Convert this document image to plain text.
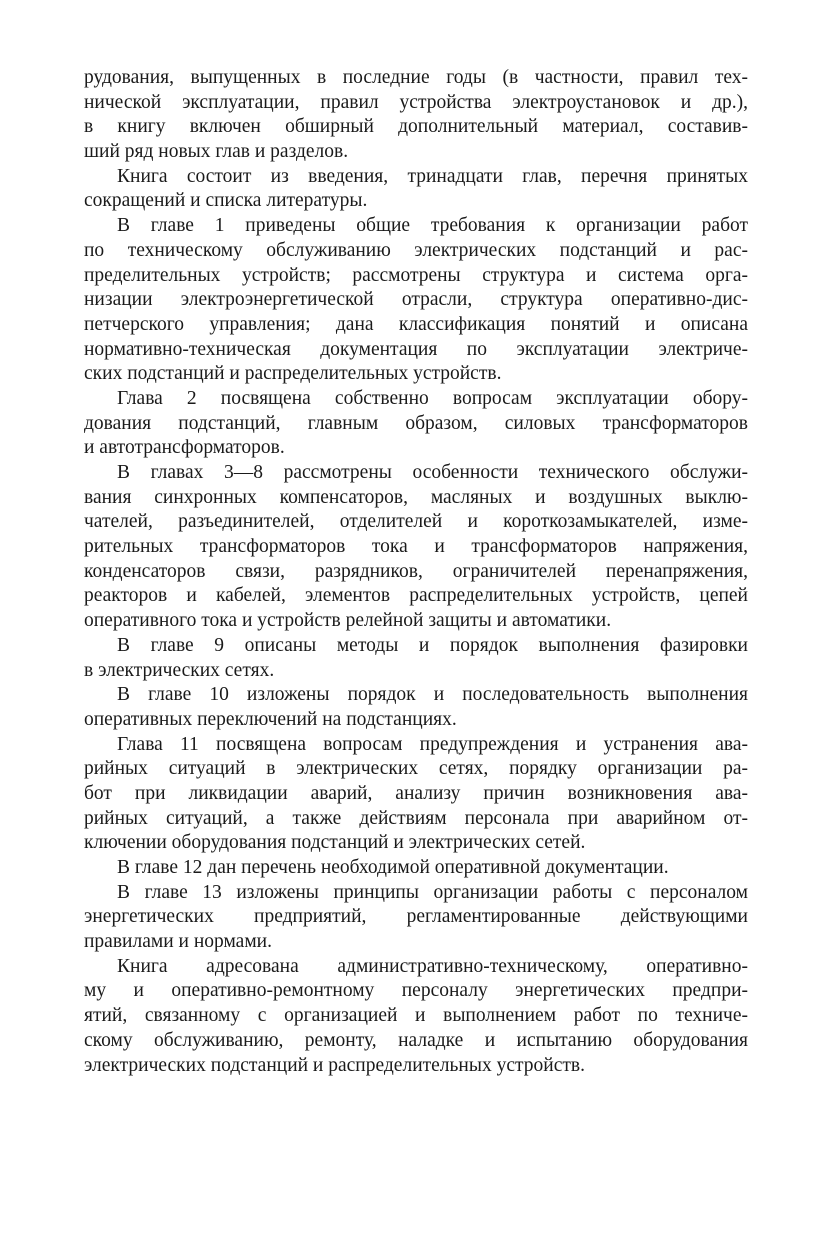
рудования, выпущенных в последние годы (в частности, правил тех-
нической эксплуатации, правил устройства электроустановок и др.),
в книгу включен обширный дополнительный материал, составив-
ший ряд новых глав и разделов.
Книга состоит из введения, тринадцати глав, перечня принятых
сокращений и списка литературы.
В главе 1 приведены общие требования к организации работ
по техническому обслуживанию электрических подстанций и рас-
пределительных устройств; рассмотрены структура и система орга-
низации электроэнергетической отрасли, структура оперативно-дис-
петчерского управления; дана классификация понятий и описана
нормативно-техническая документация по эксплуатации электриче-
ских подстанций и распределительных устройств.
Глава 2 посвящена собственно вопросам эксплуатации обору-
дования подстанций, главным образом, силовых трансформаторов
и автотрансформаторов.
В главах 3—8 рассмотрены особенности технического обслужи-
вания синхронных компенсаторов, масляных и воздушных выклю-
чателей, разъединителей, отделителей и короткозамыкателей, изме-
рительных трансформаторов тока и трансформаторов напряжения,
конденсаторов связи, разрядников, ограничителей перенапряжения,
реакторов и кабелей, элементов распределительных устройств, цепей
оперативного тока и устройств релейной защиты и автоматики.
В главе 9 описаны методы и порядок выполнения фазировки
в электрических сетях.
В главе 10 изложены порядок и последовательность выполнения
оперативных переключений на подстанциях.
Глава 11 посвящена вопросам предупреждения и устранения ава-
рийных ситуаций в электрических сетях, порядку организации ра-
бот при ликвидации аварий, анализу причин возникновения ава-
рийных ситуаций, а также действиям персонала при аварийном от-
ключении оборудования подстанций и электрических сетей.
В главе 12 дан перечень необходимой оперативной документации.
В главе 13 изложены принципы организации работы с персоналом
энергетических предприятий, регламентированные действующими
правилами и нормами.
Книга адресована административно-техническому, оперативно-
му и оперативно-ремонтному персоналу энергетических предпри-
ятий, связанному с организацией и выполнением работ по техниче-
скому обслуживанию, ремонту, наладке и испытанию оборудования
электрических подстанций и распределительных устройств.
